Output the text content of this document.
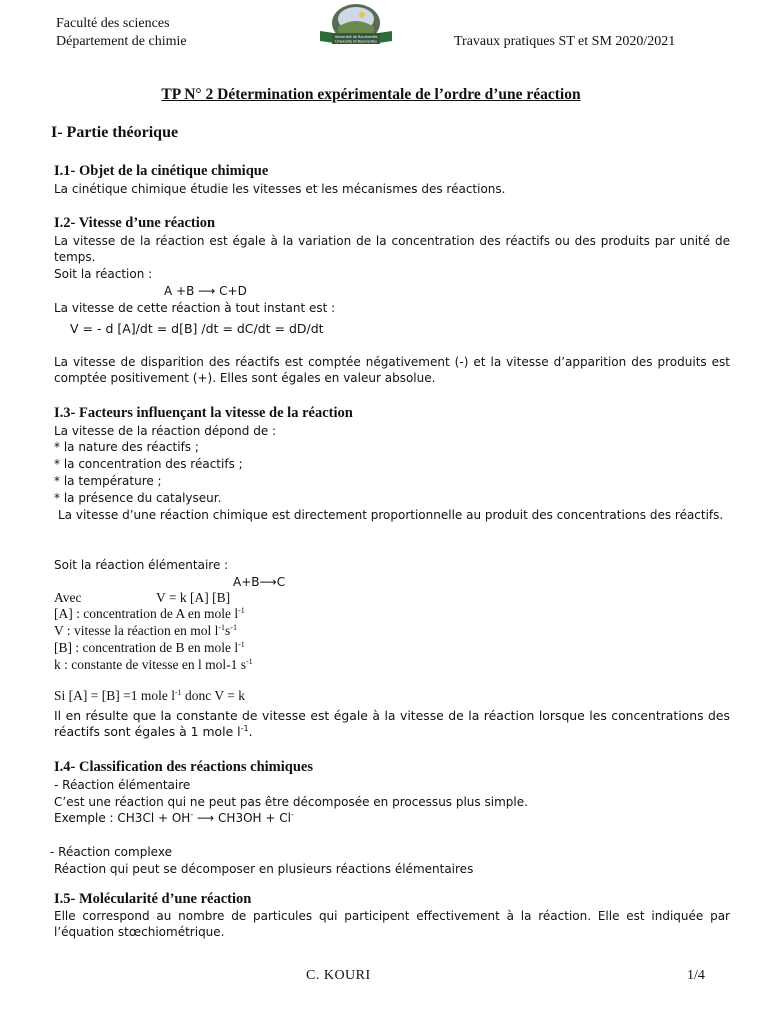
Faculté des sciences
Département de chimie	Travaux pratiques ST et SM 2020/2021
Université de Boumerdès
University of Boumerdes
TP N° 2 Détermination expérimentale de l’ordre d’une réaction
I- Partie théorique
I.1- Objet de la cinétique chimique
La cinétique chimique étudie les vitesses et les mécanismes des réactions.
I.2- Vitesse d’une réaction
La vitesse de la réaction est égale à la variation de la concentration des réactifs ou des produits par unité de temps.
Soit la réaction :
A +B ⟶ C+D
La vitesse de cette réaction à tout instant est :
V = - d [A]/dt = d[B] /dt = dC/dt = dD/dt
La vitesse de disparition des réactifs est comptée négativement (-) et la vitesse d’apparition des produits est comptée positivement (+). Elles sont égales en valeur absolue.
I.3- Facteurs influençant la vitesse de la réaction
La vitesse de la réaction dépond de :
* la nature des réactifs ;
* la concentration des réactifs ;
* la température ;
* la présence du catalyseur.
La vitesse d’une réaction chimique est directement proportionnelle au produit des concentrations des réactifs.
Soit la réaction élémentaire :
A+B⟶C
Avec	V = k [A] [B]
[A] : concentration de A en mole $l^{-1}$
V : vitesse la réaction en mol $l^{-1}s^{-1}$
[B] : concentration de B en mole $l^{-1}$
k : constante de vitesse en l mol-1 $s^{-1}$
Si [A] = [B] =1 mole $l^{-1}$ donc V = k
Il en résulte que la constante de vitesse est égale à la vitesse de la réaction lorsque les concentrations des réactifs sont égales à 1 mole $l^{-1}$.
I.4- Classification des réactions chimiques
- Réaction élémentaire
C’est une réaction qui ne peut pas être décomposée en processus plus simple.
Exemple : CH3Cl + OH- ⟶ CH3OH + Cl-
- Réaction complexe
Réaction qui peut se décomposer en plusieurs réactions élémentaires
I.5- Molécularité d’une réaction
Elle correspond au nombre de particules qui participent effectivement à la réaction. Elle est indiquée par l’équation stœchiométrique.
C. KOURI	1/4
